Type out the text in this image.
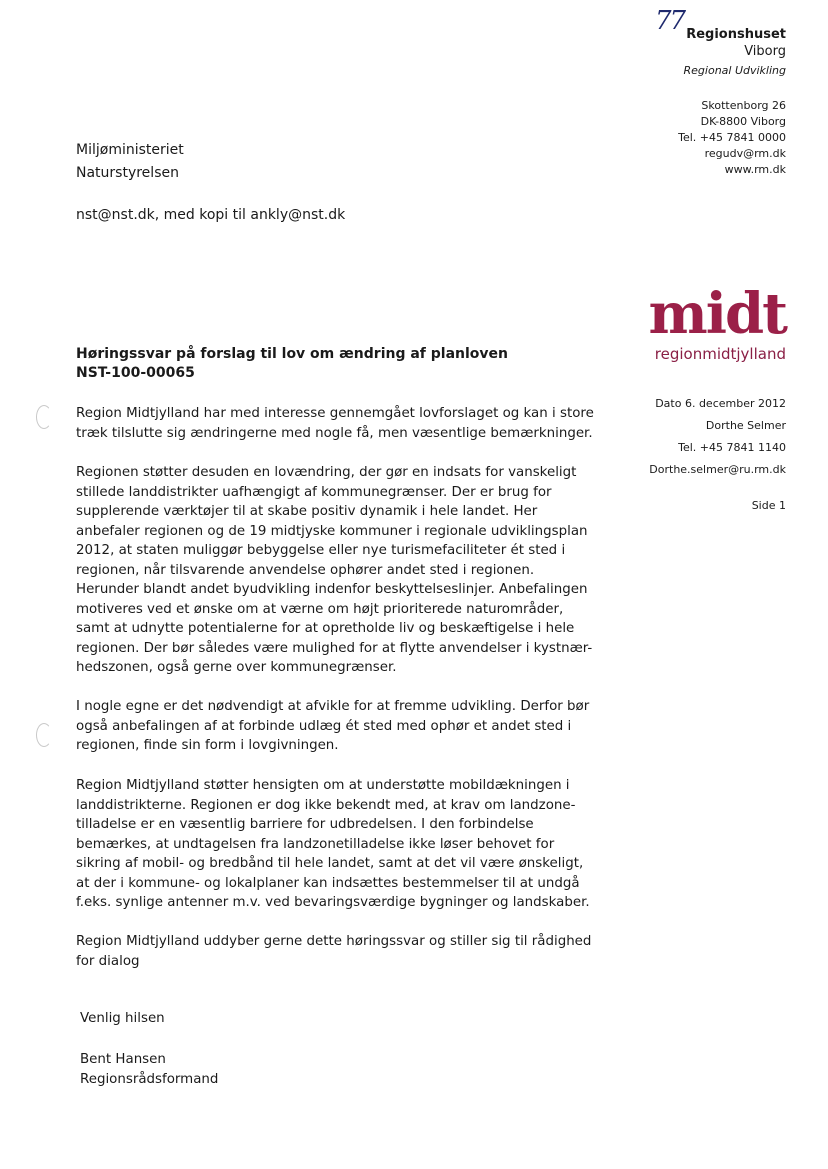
77 Regionshuset
Viborg
Regional Udvikling
Skottenborg 26
DK-8800 Viborg
Tel. +45 7841 0000
regudv@rm.dk
www.rm.dk
Miljøministeriet
Naturstyrelsen
nst@nst.dk, med kopi til ankly@nst.dk
midt
regionmidtjylland
Høringssvar på forslag til lov om ændring af planloven
NST-100-00065
Dato 6. december 2012
Dorthe Selmer
Tel. +45 7841 1140
Dorthe.selmer@ru.rm.dk
Side 1
Region Midtjylland har med interesse gennemgået lovforslaget og kan i store
træk tilslutte sig ændringerne med nogle få, men væsentlige bemærkninger.
Regionen støtter desuden en lovændring, der gør en indsats for vanskeligt
stillede landdistrikter uafhængigt af kommunegrænser. Der er brug for
supplerende værktøjer til at skabe positiv dynamik i hele landet. Her
anbefaler regionen og de 19 midtjyske kommuner i regionale udviklingsplan
2012, at staten muliggør bebyggelse eller nye turismefaciliteter ét sted i
regionen, når tilsvarende anvendelse ophører andet sted i regionen.
Herunder blandt andet byudvikling indenfor beskyttelseslinjer. Anbefalingen
motiveres ved et ønske om at værne om højt prioriterede naturområder,
samt at udnytte potentialerne for at opretholde liv og beskæftigelse i hele
regionen. Der bør således være mulighed for at flytte anvendelser i kystnær-
hedszonen, også gerne over kommunegrænser.
I nogle egne er det nødvendigt at afvikle for at fremme udvikling. Derfor bør
også anbefalingen af at forbinde udlæg ét sted med ophør et andet sted i
regionen, finde sin form i lovgivningen.
Region Midtjylland støtter hensigten om at understøtte mobildækningen i
landdistrikterne. Regionen er dog ikke bekendt med, at krav om landzone-
tilladelse er en væsentlig barriere for udbredelsen. I den forbindelse
bemærkes, at undtagelsen fra landzonetilladelse ikke løser behovet for
sikring af mobil- og bredbånd til hele landet, samt at det vil være ønskeligt,
at der i kommune- og lokalplaner kan indsættes bestemmelser til at undgå
f.eks. synlige antenner m.v. ved bevaringsværdige bygninger og landskaber.
Region Midtjylland uddyber gerne dette høringssvar og stiller sig til rådighed
for dialog
Venlig hilsen
Bent Hansen
Regionsrådsformand
